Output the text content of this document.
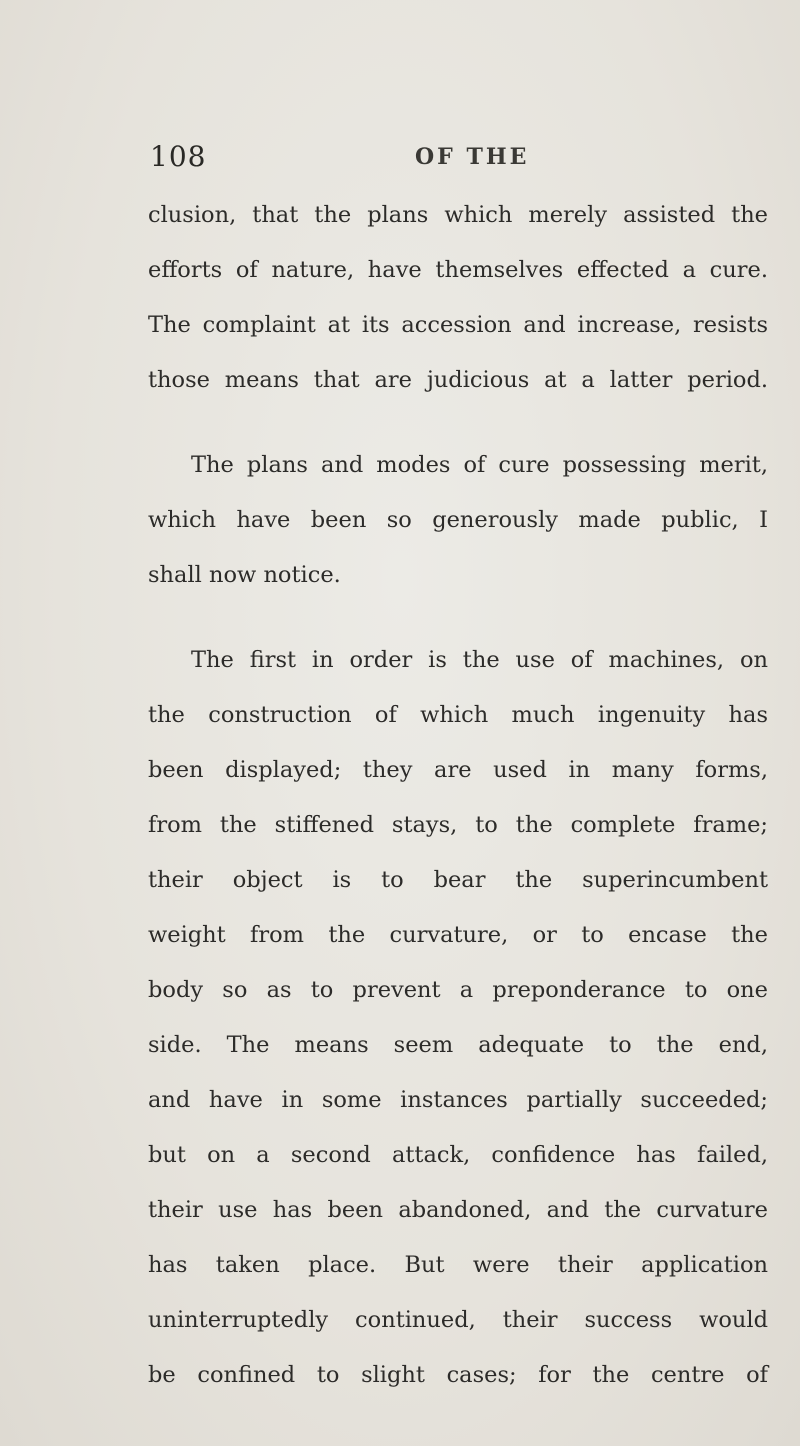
108	OF THE
clusion, that the plans which merely assisted the
efforts of nature, have themselves effected a cure.
The complaint at its accession and increase, resists
those means that are judicious at a latter period.
The plans and modes of cure possessing merit,
which have been so generously made public, I
shall now notice.
The first in order is the use of machines, on
the construction of which much ingenuity has
been displayed; they are used in many forms,
from the stiffened stays, to the complete frame;
their object is to bear the superincumbent
weight from the curvature, or to encase the
body so as to prevent a preponderance to one
side. The means seem adequate to the end,
and have in some instances partially succeeded;
but on a second attack, confidence has failed,
their use has been abandoned, and the curvature
has taken place. But were their application
uninterruptedly continued, their success would
be confined to slight cases; for the centre of
